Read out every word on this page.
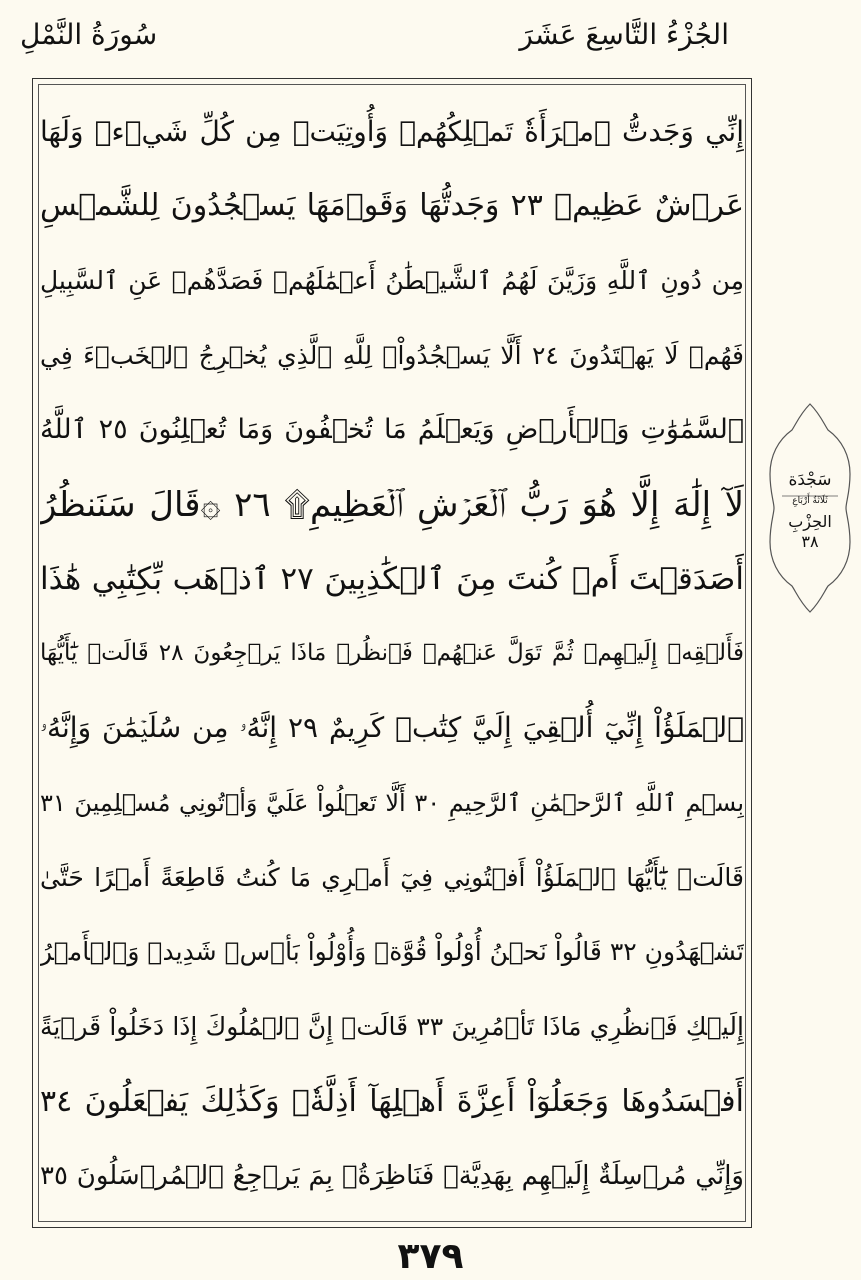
الجُزْءُ التَّاسِعَ عَشَرَ
سُورَةُ النَّمْلِ
إِنِّي وَجَدتُّ ٱمۡرَأَةٗ تَمۡلِكُهُمۡ وَأُوتِيَتۡ مِن كُلِّ شَيۡءٖ وَلَهَا
عَرۡشٌ عَظِيمٞ ٢٣ وَجَدتُّهَا وَقَوۡمَهَا يَسۡجُدُونَ لِلشَّمۡسِ
مِن دُونِ ٱللَّهِ وَزَيَّنَ لَهُمُ ٱلشَّيۡطَٰنُ أَعۡمَٰلَهُمۡ فَصَدَّهُمۡ عَنِ ٱلسَّبِيلِ
فَهُمۡ لَا يَهۡتَدُونَ ٢٤ أَلَّا يَسۡجُدُواْۤ لِلَّهِ ٱلَّذِي يُخۡرِجُ ٱلۡخَبۡءَ فِي
ٱلسَّمَٰوَٰتِ وَٱلۡأَرۡضِ وَيَعۡلَمُ مَا تُخۡفُونَ وَمَا تُعۡلِنُونَ ٢٥ ٱللَّهُ
لَآ إِلَٰهَ إِلَّا هُوَ رَبُّ ٱلۡعَرۡشِ ٱلۡعَظِيمِ۩ ٢٦ ۞قَالَ سَنَنظُرُ
أَصَدَقۡتَ أَمۡ كُنتَ مِنَ ٱلۡكَٰذِبِينَ ٢٧ ٱذۡهَب بِّكِتَٰبِي هَٰذَا
فَأَلۡقِهۡ إِلَيۡهِمۡ ثُمَّ تَوَلَّ عَنۡهُمۡ فَٱنظُرۡ مَاذَا يَرۡجِعُونَ ٢٨ قَالَتۡ يَٰٓأَيُّهَا
ٱلۡمَلَؤُاْ إِنِّيٓ أُلۡقِيَ إِلَيَّ كِتَٰبٞ كَرِيمٌ ٢٩ إِنَّهُۥ مِن سُلَيۡمَٰنَ وَإِنَّهُۥ
بِسۡمِ ٱللَّهِ ٱلرَّحۡمَٰنِ ٱلرَّحِيمِ ٣٠ أَلَّا تَعۡلُواْ عَلَيَّ وَأۡتُونِي مُسۡلِمِينَ ٣١
قَالَتۡ يَٰٓأَيُّهَا ٱلۡمَلَؤُاْ أَفۡتُونِي فِيٓ أَمۡرِي مَا كُنتُ قَاطِعَةً أَمۡرًا حَتَّىٰ
تَشۡهَدُونِ ٣٢ قَالُواْ نَحۡنُ أُوْلُواْ قُوَّةٖ وَأُوْلُواْ بَأۡسٖ شَدِيدٖ وَٱلۡأَمۡرُ
إِلَيۡكِ فَٱنظُرِي مَاذَا تَأۡمُرِينَ ٣٣ قَالَتۡ إِنَّ ٱلۡمُلُوكَ إِذَا دَخَلُواْ قَرۡيَةً
أَفۡسَدُوهَا وَجَعَلُوٓاْ أَعِزَّةَ أَهۡلِهَآ أَذِلَّةٗۚ وَكَذَٰلِكَ يَفۡعَلُونَ ٣٤
وَإِنِّي مُرۡسِلَةٌ إِلَيۡهِم بِهَدِيَّةٖ فَنَاظِرَةُۢ بِمَ يَرۡجِعُ ٱلۡمُرۡسَلُونَ ٣٥
سَجْدَة
ثَلَاثَةُ أَرْبَاعِ
الحِزْبِ
٣٨
٣٧٩
